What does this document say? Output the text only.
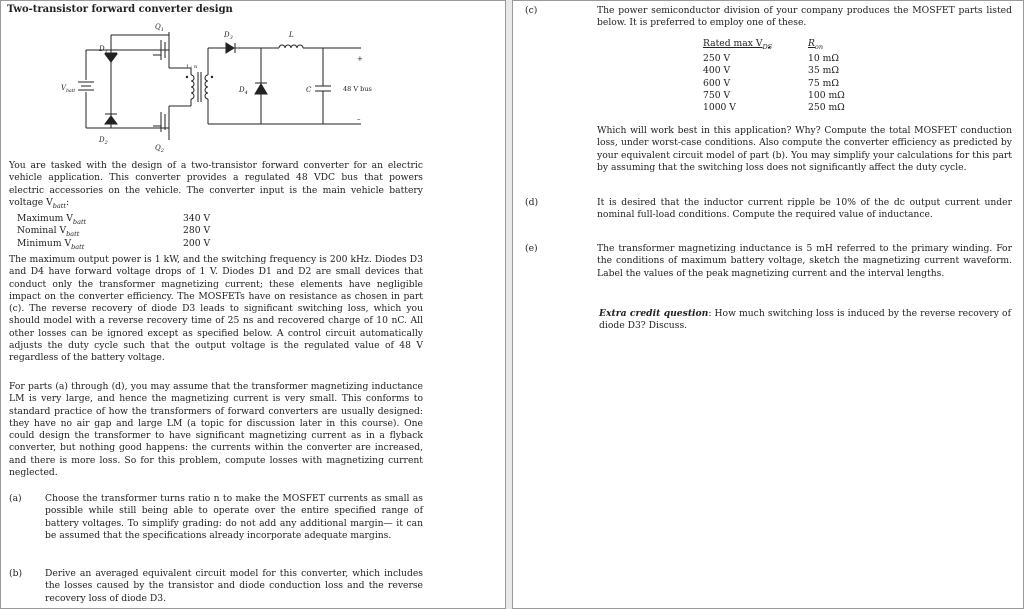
Two-transistor forward converter design
$D_1$
$D_2$
$Q_1$
$Q_2$
$D_3$
$D_4$
L
C
1 : n
$V_{batt}$	48 V bus
+
–

You are tasked with the design of a two-transistor forward converter for an electric vehicle application. This converter provides a regulated 48 VDC bus that powers electric accessories on the vehicle. The converter input is the main vehicle battery voltage $V_{batt}$:

Maximum $V_{batt}$	340 V
Nominal $V_{batt}$	280 V
Minimum $V_{batt}$	200 V

The maximum output power is 1 kW, and the switching frequency is 200 kHz. Diodes D3 and D4 have forward voltage drops of 1 V. Diodes D1 and D2 are small devices that conduct only the transformer magnetizing current; these elements have negligible impact on the converter efficiency. The MOSFETs have on resistance as chosen in part (c). The reverse recovery of diode D3 leads to significant switching loss, which you should model with a reverse recovery time of 25 ns and recovered charge of 10 nC. All other losses can be ignored except as specified below. A control circuit automatically adjusts the duty cycle such that the output voltage is the regulated value of 48 V regardless of the battery voltage.

For parts (a) through (d), you may assume that the transformer magnetizing inductance LM is very large, and hence the magnetizing current is very small. This conforms to standard practice of how the transformers of forward converters are usually designed: they have no air gap and large LM (a topic for discussion later in this course). One could design the transformer to have significant magnetizing current as in a flyback converter, but nothing good happens: the currents within the converter are increased, and there is more loss. So for this problem, compute losses with magnetizing current neglected.

(a)	Choose the transformer turns ratio n to make the MOSFET currents as small as possible while still being able to operate over the entire specified range of battery voltages. To simplify grading: do not add any additional margin— it can be assumed that the specifications already incorporate adequate margins.
(b)	Derive an averaged equivalent circuit model for this converter, which includes the losses caused by the transistor and diode conduction loss and the reverse recovery loss of diode D3.
(c)	The power semiconductor division of your company produces the MOSFET parts listed below. It is preferred to employ one of these.
Rated $\max V_{DS}$	$R_{on}$
250 V	10 mΩ
400 V	35 mΩ
600 V	75 mΩ
750 V	100 mΩ
1000 V	250 mΩ
Which will work best in this application? Why? Compute the total MOSFET conduction loss, under worst-case conditions. Also compute the converter efficiency as predicted by your equivalent circuit model of part (b). You may simplify your calculations for this part by assuming that the switching loss does not significantly affect the duty cycle.
(d)	It is desired that the inductor current ripple be 10% of the dc output current under nominal full-load conditions. Compute the required value of inductance.
(e)	The transformer magnetizing inductance is 5 mH referred to the primary winding. For the conditions of maximum battery voltage, sketch the magnetizing current waveform. Label the values of the peak magnetizing current and the interval lengths.
Extra credit question: How much switching loss is induced by the reverse recovery of diode D3? Discuss.
